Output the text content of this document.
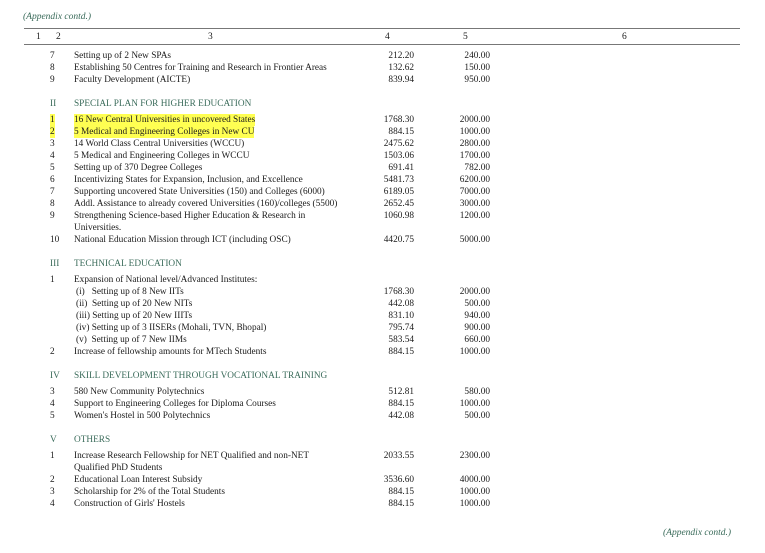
(Appendix contd.)
1 2	3	4	5	6
7 Setting up of 2 New SPAs	212.20	240.00
8 Establishing 50 Centres for Training and Research in Frontier Areas	132.62	150.00
9 Faculty Development (AICTE)	839.94	950.00
II SPECIAL PLAN FOR HIGHER EDUCATION
1 16 New Central Universities in uncovered States	1768.30	2000.00
2 5 Medical and Engineering Colleges in New CU	884.15	1000.00
3 14 World Class Central Universities (WCCU)	2475.62	2800.00
4 5 Medical and Engineering Colleges in WCCU	1503.06	1700.00
5 Setting up of 370 Degree Colleges	691.41	782.00
6 Incentivizing States for Expansion, Inclusion, and Excellence	5481.73	6200.00
7 Supporting uncovered State Universities (150) and Colleges (6000)	6189.05	7000.00
8 Addl. Assistance to already covered Universities (160)/colleges (5500)	2652.45	3000.00
9 Strengthening Science-based Higher Education & Research in	1060.98	1200.00
Universities.
10 National Education Mission through ICT (including OSC)	4420.75	5000.00
III TECHNICAL EDUCATION
1 Expansion of National level/Advanced Institutes:
(i)   Setting up of 8 New IITs	1768.30	2000.00
(ii)  Setting up of 20 New NITs	442.08	500.00
(iii) Setting up of 20 New IIITs	831.10	940.00
(iv) Setting up of 3 IISERs (Mohali, TVN, Bhopal)	795.74	900.00
(v)  Setting up of 7 New IIMs	583.54	660.00
2 Increase of fellowship amounts for MTech Students	884.15	1000.00
IV SKILL DEVELOPMENT THROUGH VOCATIONAL TRAINING
3 580 New Community Polytechnics	512.81	580.00
4 Support to Engineering Colleges for Diploma Courses	884.15	1000.00
5 Women's Hostel in 500 Polytechnics	442.08	500.00
V OTHERS
1 Increase Research Fellowship for NET Qualified and non-NET	2033.55	2300.00
Qualified PhD Students
2 Educational Loan Interest Subsidy	3536.60	4000.00
3 Scholarship for 2% of the Total Students	884.15	1000.00
4 Construction of Girls' Hostels	884.15	1000.00
(Appendix contd.)
